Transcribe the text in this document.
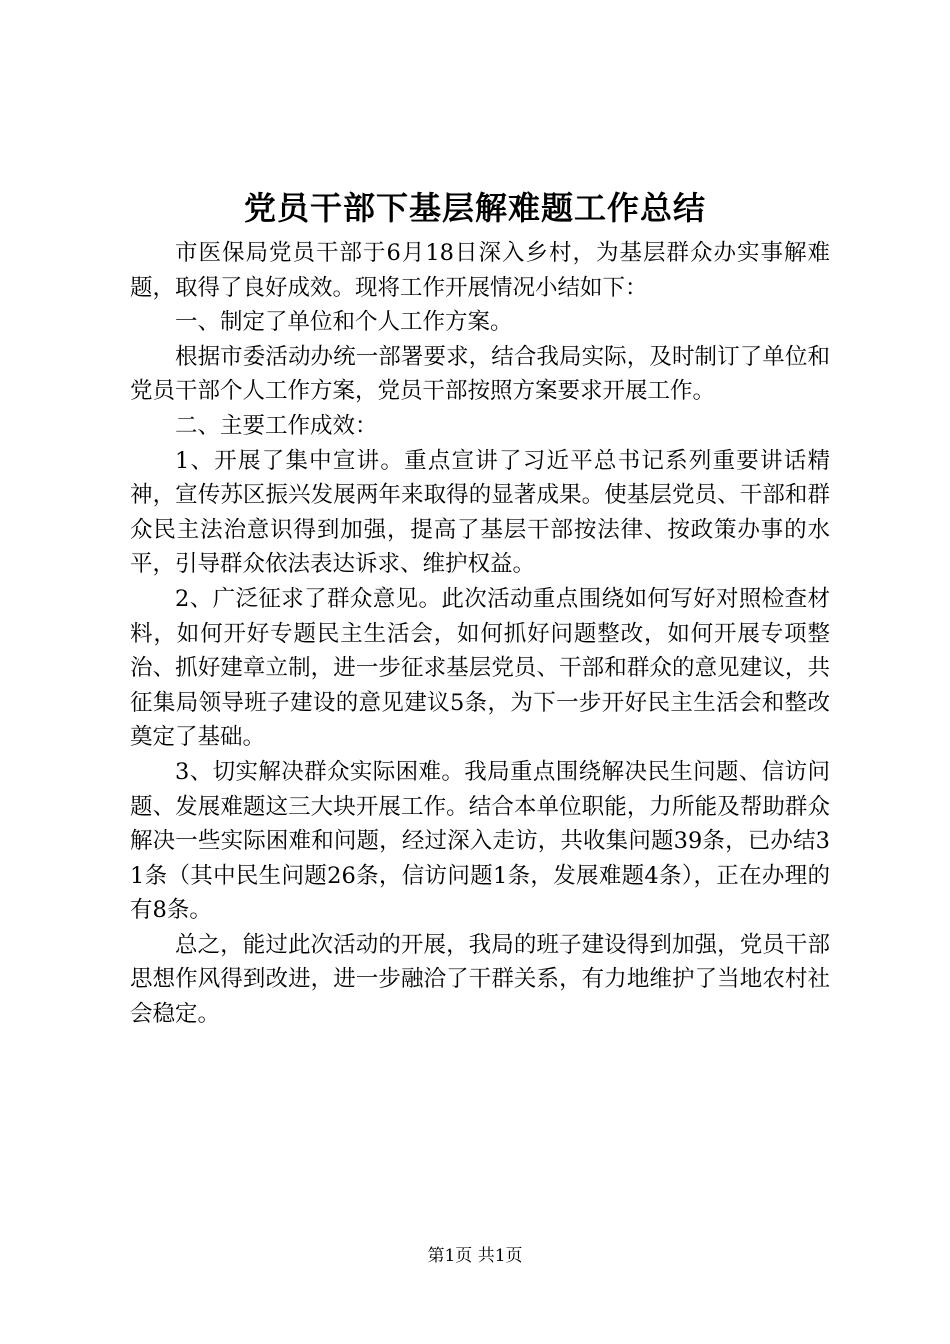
党员干部下基层解难题工作总结

市医保局党员干部于6月18日深入乡村，为基层群众办实事解难题，取得了良好成效。现将工作开展情况小结如下：

一、制定了单位和个人工作方案。

根据市委活动办统一部署要求，结合我局实际，及时制订了单位和党员干部个人工作方案，党员干部按照方案要求开展工作。

二、主要工作成效：

1、开展了集中宣讲。重点宣讲了习近平总书记系列重要讲话精神，宣传苏区振兴发展两年来取得的显著成果。使基层党员、干部和群众民主法治意识得到加强，提高了基层干部按法律、按政策办事的水平，引导群众依法表达诉求、维护权益。

2、广泛征求了群众意见。此次活动重点围绕如何写好对照检查材料，如何开好专题民主生活会，如何抓好问题整改，如何开展专项整治、抓好建章立制，进一步征求基层党员、干部和群众的意见建议，共征集局领导班子建设的意见建议5条，为下一步开好民主生活会和整改奠定了基础。

3、切实解决群众实际困难。我局重点围绕解决民生问题、信访问题、发展难题这三大块开展工作。结合本单位职能，力所能及帮助群众解决一些实际困难和问题，经过深入走访，共收集问题39条，已办结31条（其中民生问题26条，信访问题1条，发展难题4条），正在办理的有8条。

总之，能过此次活动的开展，我局的班子建设得到加强，党员干部思想作风得到改进，进一步融洽了干群关系，有力地维护了当地农村社会稳定。

第1页 共1页
